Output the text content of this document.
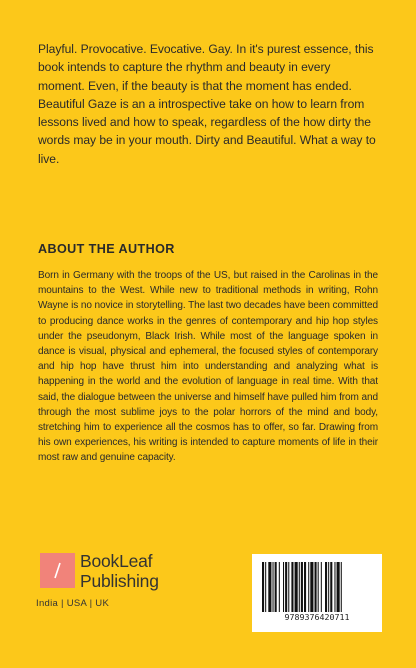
Playful. Provocative. Evocative. Gay. In it's purest essence, this book intends to capture the rhythm and beauty in every moment. Even, if the beauty is that the moment has ended. Beautiful Gaze is an a introspective take on how to learn from lessons lived and how to speak, regardless of the how dirty the words may be in your mouth. Dirty and Beautiful. What a way to live.

ABOUT THE AUTHOR

Born in Germany with the troops of the US, but raised in the Carolinas in the mountains to the West. While new to traditional methods in writing, Rohn Wayne is no novice in storytelling. The last two decades have been committed to producing dance works in the genres of contemporary and hip hop styles under the pseudonym, Black Irish. While most of the language spoken in dance is visual, physical and ephemeral, the focused styles of contemporary and hip hop have thrust him into understanding and analyzing what is happening in the world and the evolution of language in real time. With that said, the dialogue between the universe and himself have pulled him from and through the most sublime joys to the polar horrors of the mind and body, stretching him to experience all the cosmos has to offer, so far. Drawing from his own experiences, his writing is intended to capture moments of life in their most raw and genuine capacity.

BookLeaf

Publishing

India | USA | UK

9789376420711
